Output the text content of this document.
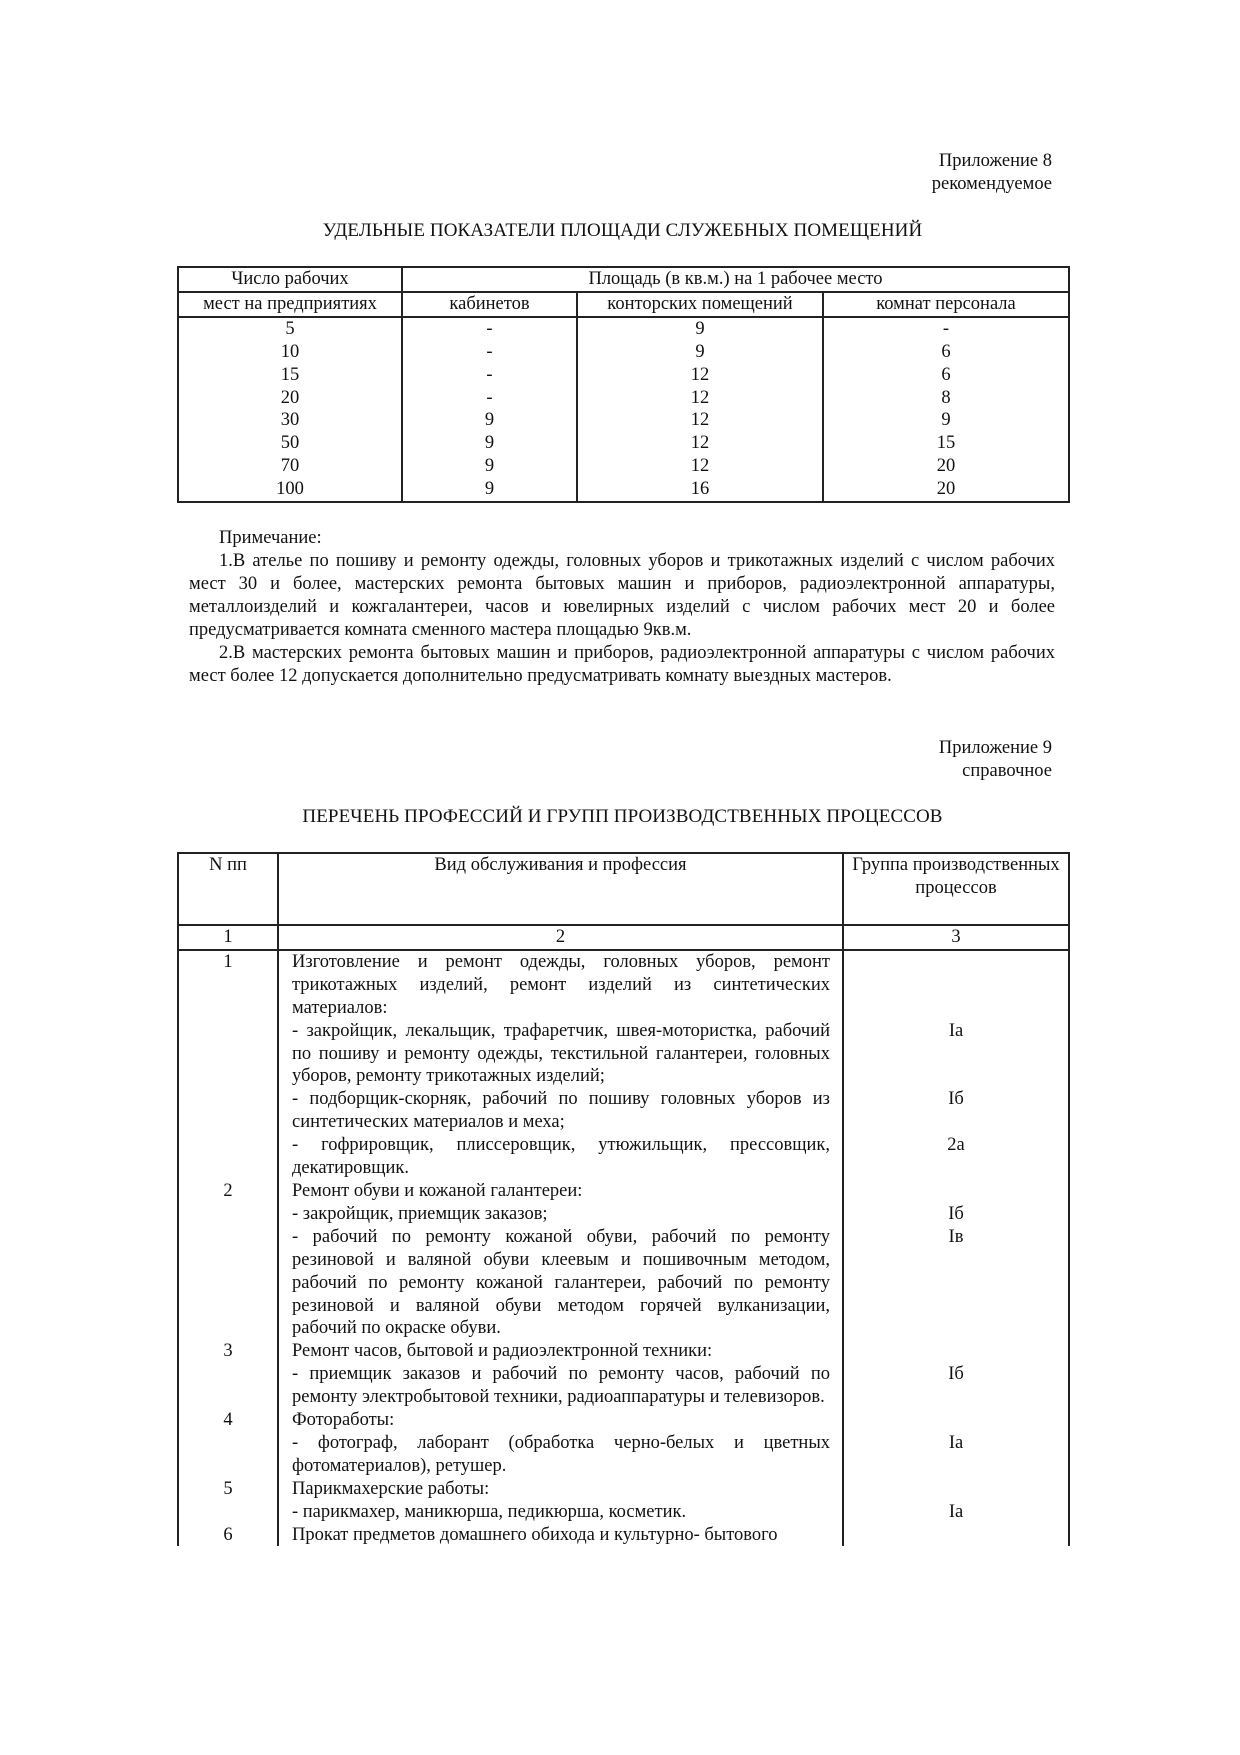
Приложение 8
рекомендуемое
УДЕЛЬНЫЕ ПОКАЗАТЕЛИ ПЛОЩАДИ СЛУЖЕБНЫХ ПОМЕЩЕНИЙ
Число рабочих	Площадь (в кв.м.) на 1 рабочее место		
мест на предприятиях	кабинетов	конторских помещений	комнат персонала
5	-	9	-
10	-	9	6
15	-	12	6
20	-	12	8
30	9	12	9
50	9	12	15
70	9	12	20
100	9	16	20

Примечание:

1.В ателье по пошиву и ремонту одежды, головных уборов и трикотажных изделий с числом рабочих мест 30 и более, мастерских ремонта бытовых машин и приборов, радиоэлектронной аппаратуры, металлоизделий и кожгалантереи, часов и ювелирных изделий с числом рабочих мест 20 и более предусматривается комната сменного мастера площадью 9кв.м.

2.В мастерских ремонта бытовых машин и приборов, радиоэлектронной аппаратуры с числом рабочих мест более 12 допускается дополнительно предусматривать комнату выездных мастеров.

Приложение 9
справочное
ПЕРЕЧЕНЬ ПРОФЕССИЙ И ГРУПП ПРОИЗВОДСТВЕННЫХ ПРОЦЕССОВ
N пп	Вид обслуживания и профессия	Группа производственных процессов
1	2	3
1	Изготовление и ремонт одежды, головных уборов, ремонт трикотажных изделий, ремонт изделий из синтетических материалов:	
	- закройщик, лекальщик, трафаретчик, швея-мотористка, рабочий по пошиву и ремонту одежды, текстильной галантереи, головных уборов, ремонту трикотажных изделий;	Iа
	- подборщик-скорняк, рабочий по пошиву головных уборов из синтетических материалов и меха;	Iб
	- гофрировщик, плиссеровщик, утюжильщик, прессовщик, декатировщик.	2а
2	Ремонт обуви и кожаной галантереи:	
	- закройщик, приемщик заказов;	Iб
	- рабочий по ремонту кожаной обуви, рабочий по ремонту резиновой и валяной обуви клеевым и пошивочным методом, рабочий по ремонту кожаной галантереи, рабочий по ремонту резиновой и валяной обуви методом горячей вулканизации, рабочий по окраске обуви.	Iв
3	Ремонт часов, бытовой и радиоэлектронной техники:	
	- приемщик заказов и рабочий по ремонту часов, рабочий по ремонту электробытовой техники, радиоаппаратуры и телевизоров.	Iб
4	Фотоработы:	
	- фотограф, лаборант (обработка черно-белых и цветных фотоматериалов), ретушер.	Iа
5	Парикмахерские работы:	
	- парикмахер, маникюрша, педикюрша, косметик.	Iа
6	Прокат предметов домашнего обихода и культурно- бытового	
